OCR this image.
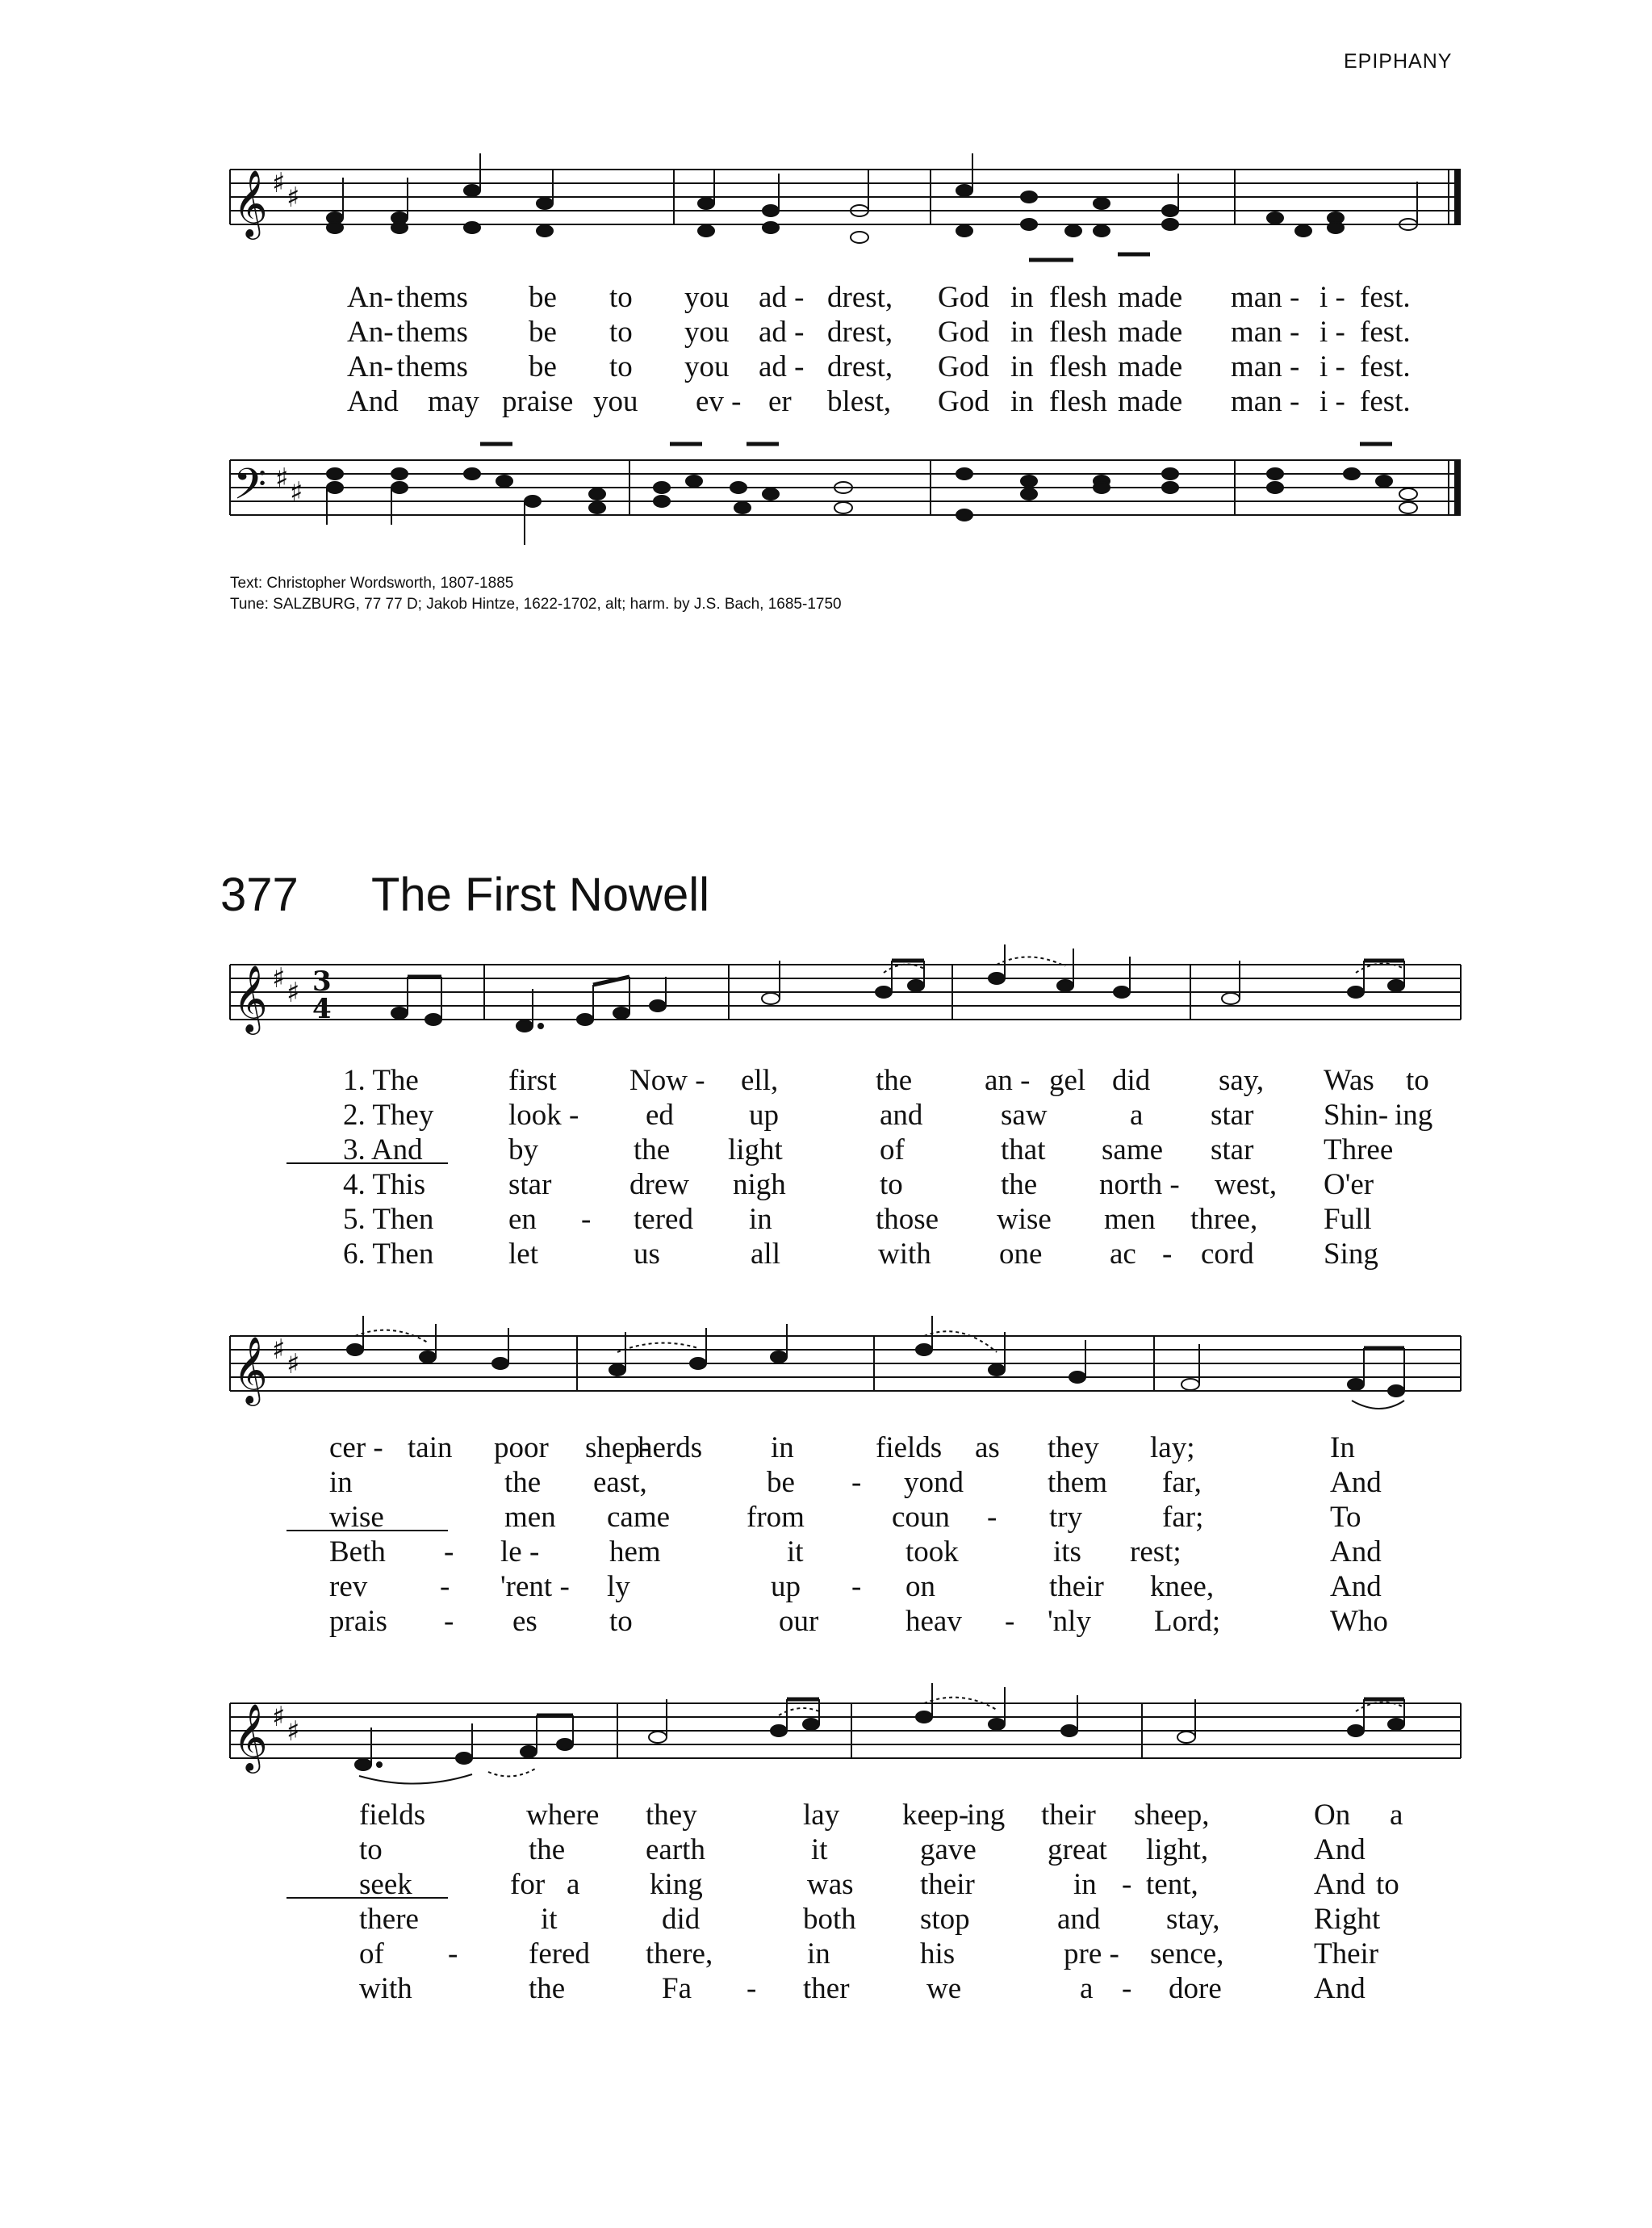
EPIPHANY
𝄞 ♯ ♯
An- thems be to you ad - drest, God in flesh made man - i - fest.
An- thems be to you ad - drest, God in flesh made man - i - fest.
An- thems be to you ad - drest, God in flesh made man - i - fest.
And may praise you ev - er blest, God in flesh made man - i - fest.
𝄢 ♯ ♯
Text: Christopher Wordsworth, 1807-1885
Tune: SALZBURG, 77 77 D; Jakob Hintze, 1622-1702, alt; harm. by J.S. Bach, 1685-1750
377 The First Nowell
𝄞 ♯ ♯ 3
4
1. The	first Now - ell,	the an - gel did say, Was to
2. They	look - ed	up	and	saw	a star Shin- ing
3. And	by	the light	of	that same star Three
4. This	star	drew nigh	to	the north - west, O'er
5. Then	en - tered in	those wise men three, Full
6. Then	let	us	all	with one ac - cord Sing
𝄞 ♯ ♯
cer - tain poor shep-
herds in	fields as they lay;	In
in	the east,	be - yond	them far,	And
wise	men came	from	coun - try	far;	To
Beth - le - hem	it	took	its rest;	And
rev - 'rent - ly	up - on	their knee,	And
prais - es to	our	heav - 'nly Lord;	Who
𝄞 ♯ ♯
fields	where they	lay keep-
ing their sheep,	On a
to	the	earth	it	gave great light,	And
seek	for a king	was their	in - tent,	And to
there	it	did	both stop	and stay,	Right
of - fered there,	in	his	pre - sence,	Their
with	the	Fa - ther	we	a - dore	And
